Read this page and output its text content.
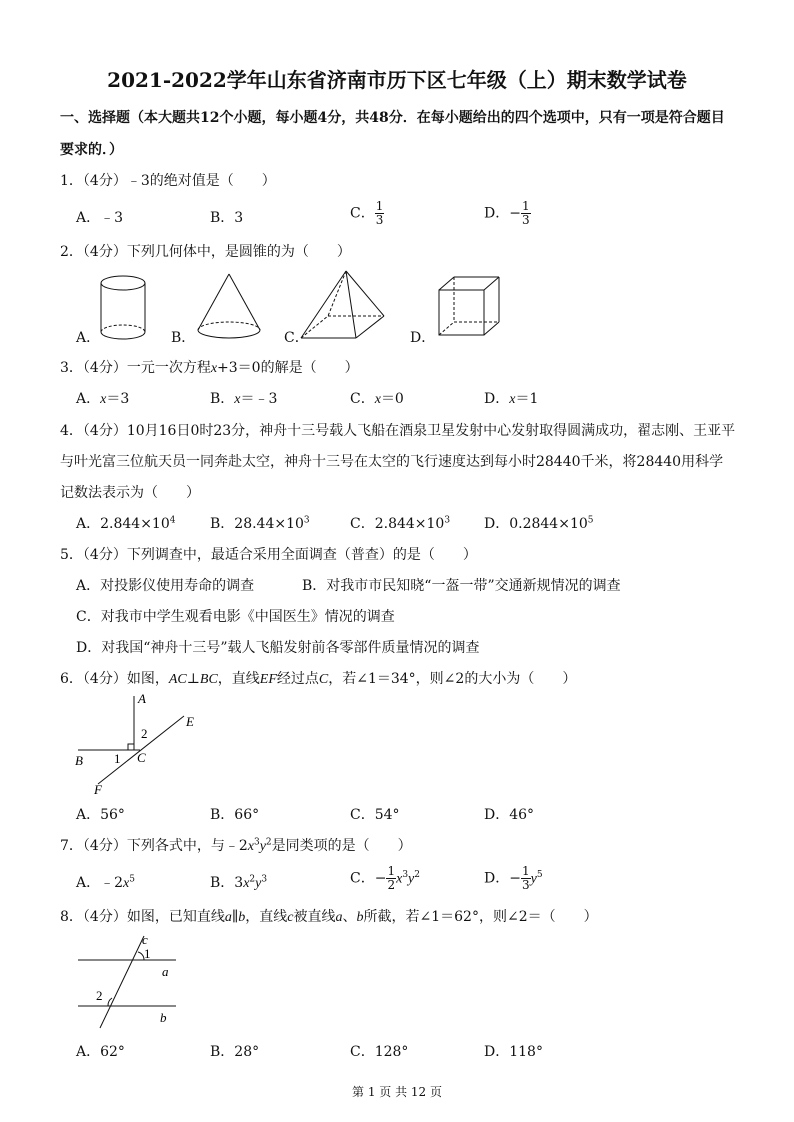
2021-2022学年山东省济南市历下区七年级（上）期末数学试卷
一、选择题（本大题共12个小题，每小题4分，共48分．在每小题给出的四个选项中，只有一项是符合题目
要求的．）
1．（4分）﹣3的绝对值是（　　）
A．﹣3	B．3	C． $\frac{1}{3}$	D．− $\frac{1}{3}$
2．（4分）下列几何体中，是圆锥的为（　　）
A．	B．	C．	D．
3．（4分）一元一次方程x+3＝0的解是（　　）
A．x＝3	B．x＝﹣3	C．x＝0	D．x＝1
4．（4分）10月16日0时23分，神舟十三号载人飞船在酒泉卫星发射中心发射取得圆满成功，翟志刚、王亚平
与叶光富三位航天员一同奔赴太空，神舟十三号在太空的飞行速度达到每小时28440千米，将28440用科学
记数法表示为（　　）
A．$2.844\times 10^4$ B．$28.44\times 10^3$	C．$2.844\times 10^3$ D．$0.2844\times 10^5$
5．（4分）下列调查中，最适合采用全面调查（普查）的是（　　）
A．对投影仪使用寿命的调查	B．对我市市民知晓“一盔一带”交通新规情况的调查
C．对我市中学生观看电影《中国医生》情况的调查
D．对我国“神舟十三号”载人飞船发射前各零部件质量情况的调查
6．（4分）如图，AC⊥BC，直线EF经过点C，若∠1＝34°，则∠2的大小为（　　）
A
B	C
E
F
1
2
A．56°	B．66°	C．54°	D．46°
7．（4分）下列各式中，与$﹣2x^3y^2$是同类项的是（　　）
A．$﹣2x^5$	B．$3x^2y^3$	C．− $\frac{1}{2} x^3y^2$	D．− $\frac{1}{3} y^5$
8．（4分）如图，已知直线a∥b，直线c被直线a、b所截，若∠1＝62°，则∠2＝（　　）
c
a
b
1
2
A．62°	B．28°	C．128°	D．118°
第 1 页 共 12 页
